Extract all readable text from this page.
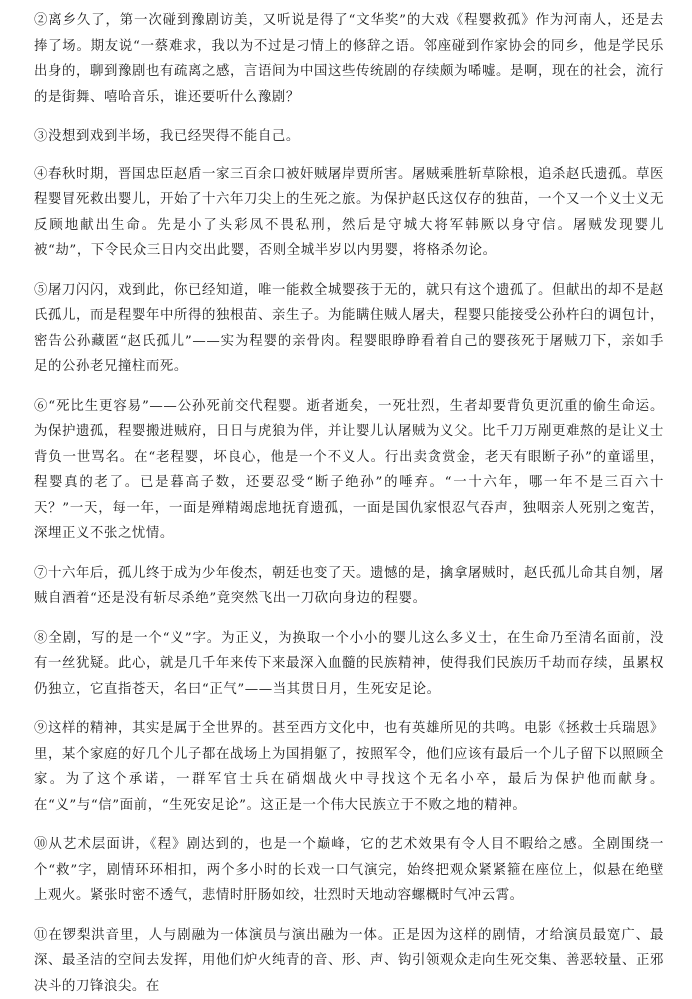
②离乡久了，第一次碰到豫剧访美，又听说是得了“文华奖”的大戏《程婴救孤》作为河南人，还是去捧了场。期友说“一蔡难求，我以为不过是刁情上的修辞之语。邻座碰到作家协会的同乡，他是学民乐出身的，聊到豫剧也有疏离之感，言语间为中国这些传统剧的存续颇为唏嘘。是啊，现在的社会，流行的是街舞、嘻哈音乐，谁还要听什么豫剧？

③没想到戏到半场，我已经哭得不能自己。

④春秋时期，晋国忠臣赵盾一家三百余口被奸贼屠岸贾所害。屠贼乘胜斩草除根，追杀赵氏遗孤。草医程婴冒死救出婴儿，开始了十六年刀尖上的生死之旅。为保护赵氏这仅存的独苗，一个又一个义士义无反顾地献出生命。先是小了头彩凤不畏私刑，然后是守城大将军韩厥以身守信。屠贼发现婴儿被“劫”，下令民众三日内交出此婴，否则全城半岁以内男婴，将格杀勿论。

⑤屠刀闪闪，戏到此，你已经知道，唯一能救全城婴孩于无的，就只有这个遗孤了。但献出的却不是赵氏孤儿，而是程婴年中所得的独根苗、亲生子。为能瞒住贼人屠夫，程婴只能接受公孙杵臼的调包计，密告公孙藏匿“赵氏孤儿”——实为程婴的亲骨肉。程婴眼睁睁看着自己的婴孩死于屠贼刀下，亲如手足的公孙老兄撞柱而死。

⑥“死比生更容易”——公孙死前交代程婴。逝者逝矣，一死壮烈，生者却要背负更沉重的偷生命运。为保护遗孤，程婴搬进贼府，日日与虎狼为伴，并让婴儿认屠贼为义父。比千刀万剐更难熬的是让义士背负一世骂名。在“老程婴，坏良心，他是一个不义人。行出卖贪赏金，老天有眼断子孙”的童谣里，程婴真的老了。已是暮高子数，还要忍受“断子绝孙”的唾弃。“一十六年，哪一年不是三百六十天？”一天，每一年，一面是殚精竭虑地抚育遗孤，一面是国仇家恨忍气吞声，独咽亲人死别之寃苦，深埋正义不张之忧情。

⑦十六年后，孤儿终于成为少年俊杰，朝廷也变了天。遗憾的是，擒拿屠贼时，赵氏孤儿命其自刎，屠贼自酒着“还是没有斩尽杀绝”竟突然飞出一刀砍向身边的程婴。

⑧全剧，写的是一个“义”字。为正义，为换取一个小小的婴儿这么多义士，在生命乃至清名面前，没有一丝犹疑。此心，就是几千年来传下来最深入血髓的民族精神，使得我们民族历千劫而存续，虽累权仍独立，它直指苍天，名曰“正气”——当其贯日月，生死安足论。

⑨这样的精神，其实是属于全世界的。甚至西方文化中，也有英雄所见的共鸣。电影《拯救士兵瑞恩》里，某个家庭的好几个儿子都在战场上为国捐躯了，按照军令，他们应该有最后一个儿子留下以照顾全家。为了这个承诺，一群军官士兵在硝烟战火中寻找这个无名小卒，最后为保护他而献身。在“义”与“信”面前，“生死安足论”。这正是一个伟大民族立于不败之地的精神。

⑩从艺术层面讲，《程》剧达到的，也是一个巅峰，它的艺术效果有令人目不暇给之感。全剧围绕一个“救”字，剧情环环相扣，两个多小时的长戏一口气演完，始终把观众紧紧箍在座位上，似悬在绝壁上观火。紧张时密不透气，悲情时肝肠如绞，壮烈时天地动容螺概时气冲云霄。

⑪在锣梨洪音里，人与剧融为一体演员与演出融为一体。正是因为这样的剧情，才给演员最宽广、最深、最圣洁的空间去发挥，用他们炉火纯青的音、形、声、钩引领观众走向生死交集、善恶较量、正邪决斗的刀锋浪尖。在
